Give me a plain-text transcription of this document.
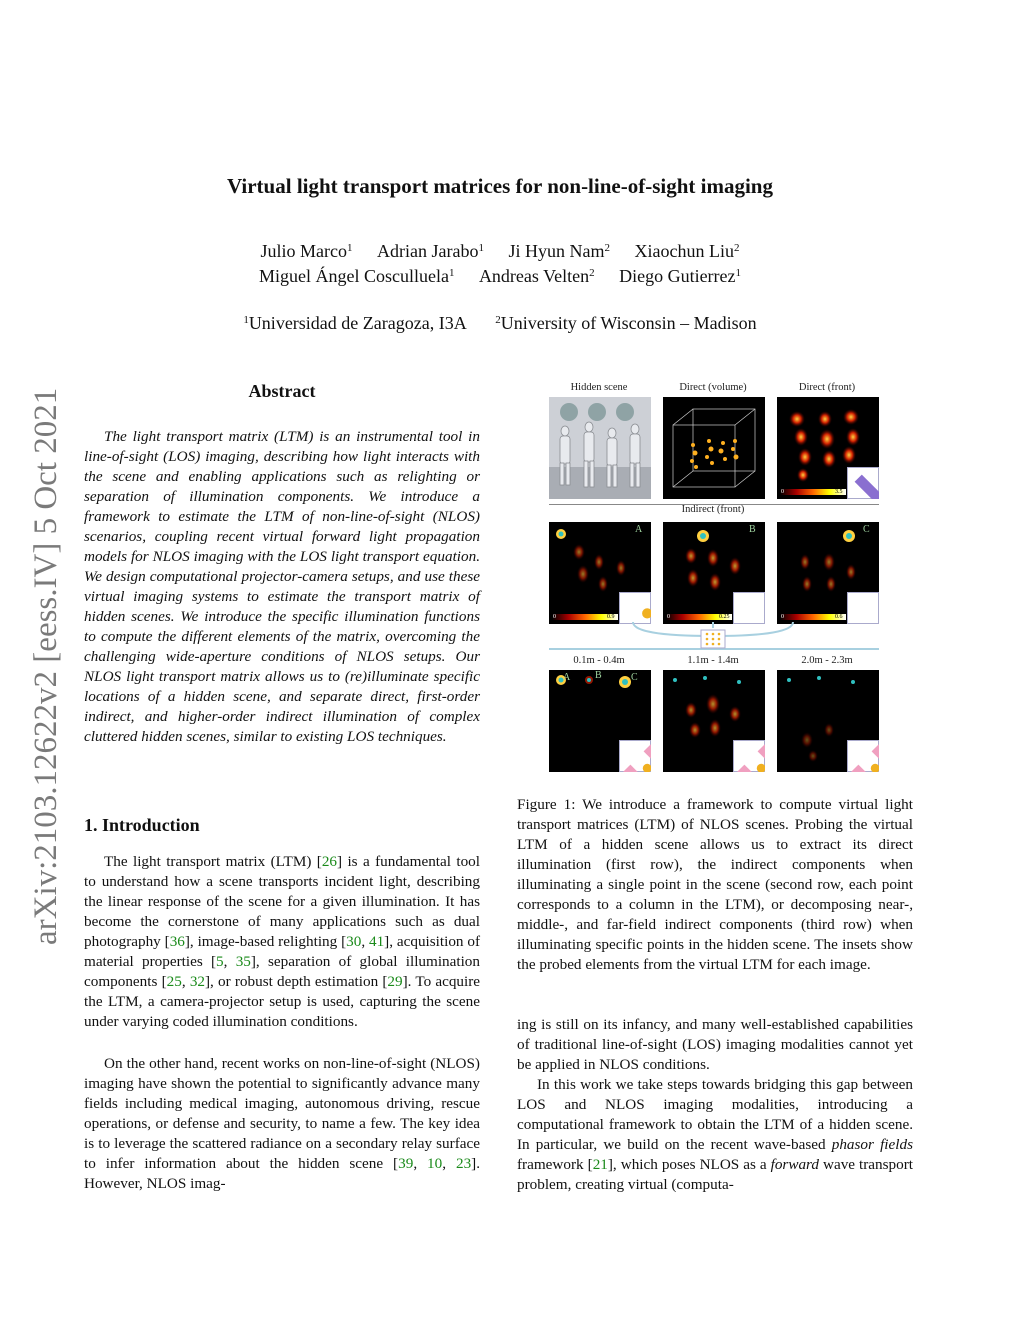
Virtual light transport matrices for non-line-of-sight imaging
Julio Marco$^1$ Adrian Jarabo$^1$ Ji Hyun Nam$^2$ Xiaochun Liu$^2$
Miguel Ángel Cosculluela$^1$ Andreas Velten$^2$ Diego Gutierrez$^1$
$^1$Universidad de Zaragoza, I3A	$^2$University of Wisconsin – Madison
arXiv:2103.12622v2 [eess.IV] 5 Oct 2021	Abstract

The light transport matrix (LTM) is an instrumental tool in line-of-sight (LOS) imaging, describing how light interacts with the scene and enabling applications such as relighting or separation of illumination components. We introduce a framework to estimate the LTM of non-line-of-sight (NLOS) scenarios, coupling recent virtual forward light propagation models for NLOS imaging with the LOS light transport equation. We design computational projector-camera setups, and use these virtual imaging systems to estimate the transport matrix of hidden scenes. We introduce the specific illumination functions to compute the different elements of the matrix, overcoming the challenging wide-aperture conditions of NLOS setups. Our NLOS light transport matrix allows us to (re)illuminate specific locations of a hidden scene, and separate direct, first-order indirect, and higher-order indirect illumination of complex cluttered hidden scenes, similar to existing LOS techniques.

1. Introduction

The light transport matrix (LTM) [26] is a fundamental tool to understand how a scene transports incident light, describing the linear response of the scene for a given illumination. It has become the cornerstone of many applications such as dual photography [36], image-based relighting [30, 41], acquisition of material properties [5, 35], separation of global illumination components [25, 32], or robust depth estimation [29]. To acquire the LTM, a camera-projector setup is used, capturing the scene under varying coded illumination conditions.

On the other hand, recent works on non-line-of-sight (NLOS) imaging have shown the potential to significantly advance many fields including medical imaging, autonomous driving, rescue operations, or defense and security, to name a few. The key idea is to leverage the scattered radiance on a secondary relay surface to infer information about the hidden scene [39, 10, 23]. However, NLOS imag-

Hidden scene	Direct (volume)	Direct (front)
0	3.5
Indirect (front)
A
0	0.9
B
0	0.25
C
0	0.6
0.1m - 0.4m	1.1m - 1.4m	2.0m - 2.3m
A B	C

Figure 1: We introduce a framework to compute virtual light transport matrices (LTM) of NLOS scenes. Probing the virtual LTM of a hidden scene allows us to extract its direct illumination (first row), the indirect components when illuminating a single point in the scene (second row, each point corresponds to a column in the LTM), or decomposing near-, middle-, and far-field indirect components (third row) when illuminating specific points in the hidden scene. The insets show the probed elements from the virtual LTM for each image.

ing is still on its infancy, and many well-established capabilities of traditional line-of-sight (LOS) imaging modalities cannot yet be applied in NLOS conditions.

In this work we take steps towards bridging this gap between LOS and NLOS imaging modalities, introducing a computational framework to obtain the LTM of a hidden scene. In particular, we build on the recent wave-based phasor fields framework [21], which poses NLOS as a forward wave transport problem, creating virtual (computa-
